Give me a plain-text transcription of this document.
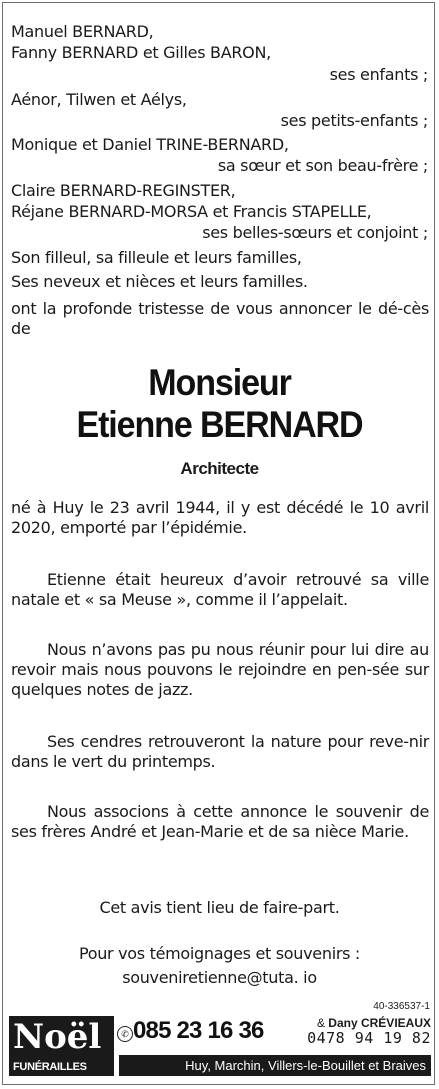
Manuel BERNARD,
Fanny BERNARD et Gilles BARON,
ses enfants ;
Aénor, Tilwen et Aélys,
ses petits-enfants ;
Monique et Daniel TRINE-BERNARD,
sa sœur et son beau-frère ;
Claire BERNARD-REGINSTER,
Réjane BERNARD-MORSA et Francis STAPELLE,
ses belles-sœurs et conjoint ;
Son filleul, sa filleule et leurs familles,
Ses neveux et nièces et leurs familles.
ont la profonde tristesse de vous annoncer le dé-cès de
Monsieur
Etienne BERNARD
Architecte
né à Huy le 23 avril 1944, il y est décédé le 10 avril 2020, emporté par l’épidémie.
Etienne était heureux d’avoir retrouvé sa ville natale et « sa Meuse », comme il l’appelait.
Nous n’avons pas pu nous réunir pour lui dire au revoir mais nous pouvons le rejoindre en pen-sée sur quelques notes de jazz.
Ses cendres retrouveront la nature pour reve-nir dans le vert du printemps.
Nous associons à cette annonce le souvenir de ses frères André et Jean-Marie et de sa nièce Marie.
Cet avis tient lieu de faire-part.
Pour vos témoignages et souvenirs :
souveniretienne@tuta. io
40-336537-1
Noël
FUNÉRAILLES
✆ 085 23 16 36	& Dany CRÉVIEAUX
0478 94 19 82
Huy, Marchin, Villers-le-Bouillet et Braives
